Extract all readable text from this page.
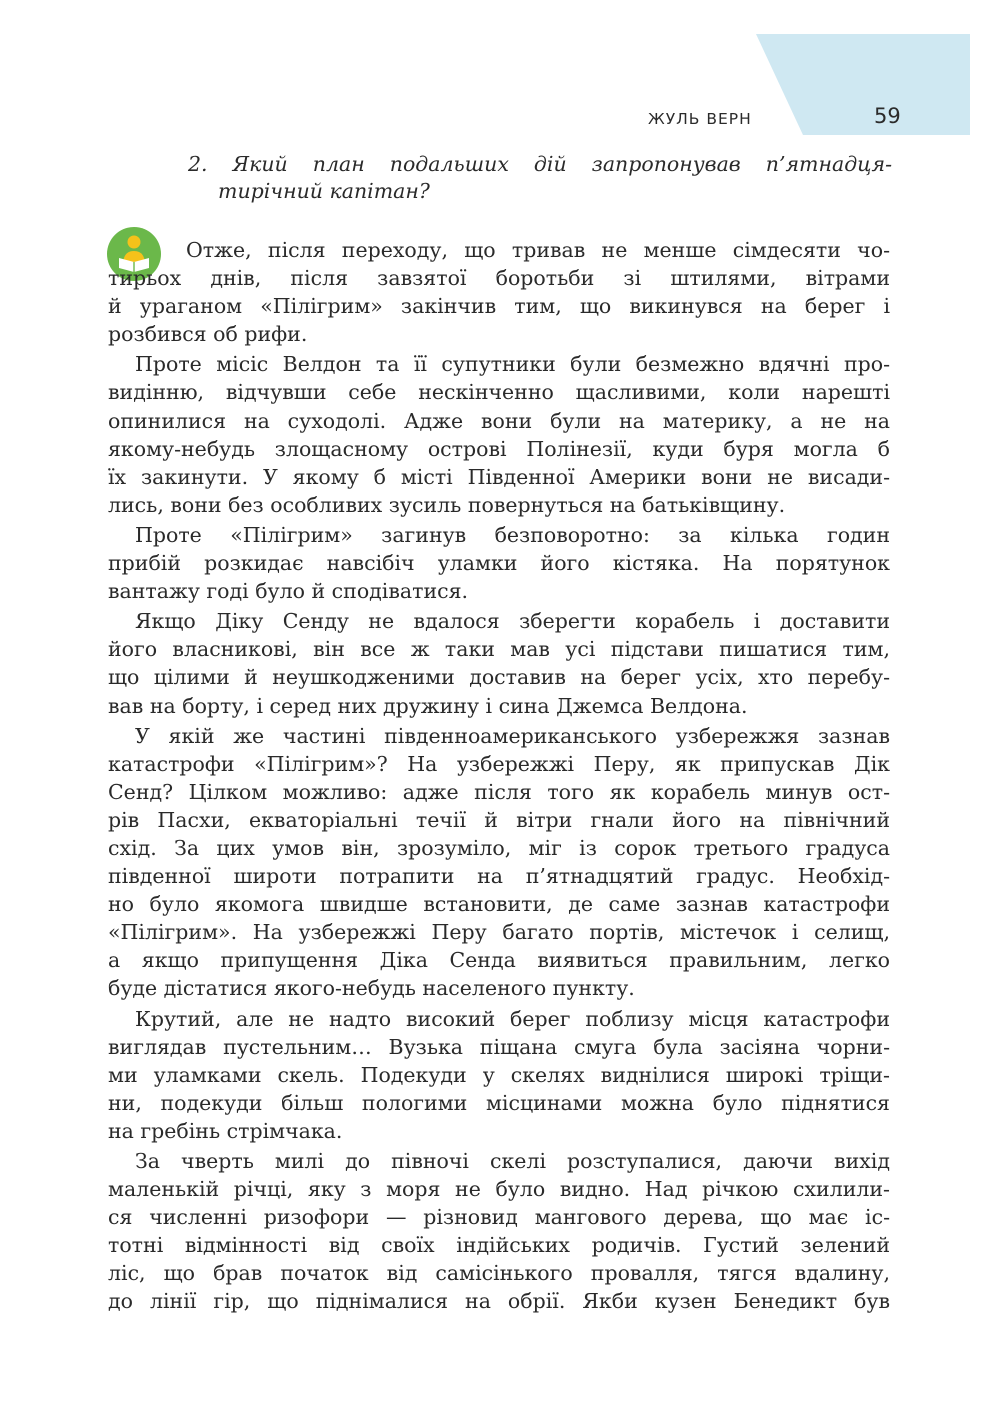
ЖУЛЬ ВЕРН	59

2. Який план подальших дій запропонував п’ятнадця-
тирічний капітан?

Отже, після переходу, що тривав не менше сімдесяти чо-
тирьох днів, після завзятої боротьби зі штилями, вітрами
й ураганом «Пілігрим» закінчив тим, що викинувся на берег і
розбився об рифи.
Проте місіс Велдон та її супутники були безмежно вдячні про-
видінню, відчувши себе нескінченно щасливими, коли нарешті
опинилися на суходолі. Адже вони були на материку, а не на
якому-небудь злощасному острові Полінезії, куди буря могла б
їх закинути. У якому б місті Південної Америки вони не висади-
лись, вони без особливих зусиль повернуться на батьківщину.
Проте «Пілігрим» загинув безповоротно: за кілька годин
прибій розкидає навсібіч уламки його кістяка. На порятунок
вантажу годі було й сподіватися.
Якщо Діку Сенду не вдалося зберегти корабель і доставити
його власникові, він все ж таки мав усі підстави пишатися тим,
що цілими й неушкодженими доставив на берег усіх, хто перебу-
вав на борту, і серед них дружину і сина Джемса Велдона.
У якій же частині південноамериканського узбережжя зазнав
катастрофи «Пілігрим»? На узбережжі Перу, як припускав Дік
Сенд? Цілком можливо: адже після того як корабель минув ост-
рів Пасхи, екваторіальні течії й вітри гнали його на північний
схід. За цих умов він, зрозуміло, міг із сорок третього градуса
південної широти потрапити на п’ятнадцятий градус. Необхід-
но було якомога швидше встановити, де саме зазнав катастрофи
«Пілігрим». На узбережжі Перу багато портів, містечок і селищ,
а якщо припущення Діка Сенда виявиться правильним, легко
буде дістатися якого-небудь населеного пункту.
Крутий, але не надто високий берег поблизу місця катастрофи
виглядав пустельним… Вузька піщана смуга була засіяна чорни-
ми уламками скель. Подекуди у скелях виднілися широкі тріщи-
ни, подекуди більш пологими місцинами можна було піднятися
на гребінь стрімчака.
За чверть милі до півночі скелі розступалися, даючи вихід
маленькій річці, яку з моря не було видно. Над річкою схилили-
ся численні ризофори — різновид мангового дерева, що має іс-
тотні відмінності від своїх індійських родичів. Густий зелений
ліс, що брав початок від самісінького провалля, тягся вдалину,
до лінії гір, що піднімалися на обрії. Якби кузен Бенедикт був
